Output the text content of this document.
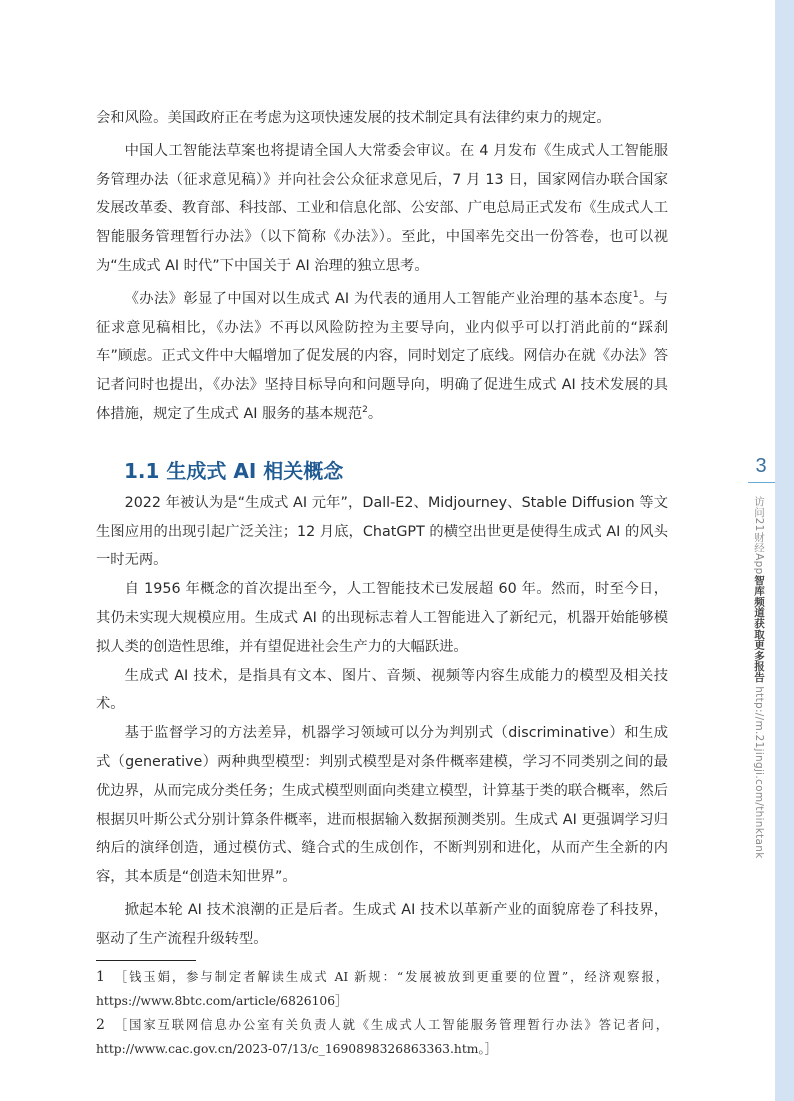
3
访问21财经App智库频道获取更多报告 http://m.21jingji.com/thinktank

会和风险。美国政府正在考虑为这项快速发展的技术制定具有法律约束力的规定。

中国人工智能法草案也将提请全国人大常委会审议。在 4 月发布《生成式人工智能服务管理办法（征求意见稿）》并向社会公众征求意见后，7 月 13 日，国家网信办联合国家发展改革委、教育部、科技部、工业和信息化部、公安部、广电总局正式发布《生成式人工智能服务管理暂行办法》（以下简称《办法》）。至此，中国率先交出一份答卷，也可以视为“生成式 AI 时代”下中国关于 AI 治理的独立思考。

《办法》彰显了中国对以生成式 AI 为代表的通用人工智能产业治理的基本态度$^1$。与征求意见稿相比，《办法》不再以风险防控为主要导向，业内似乎可以打消此前的“踩刹车”顾虑。正式文件中大幅增加了促发展的内容，同时划定了底线。网信办在就《办法》答记者问时也提出，《办法》坚持目标导向和问题导向，明确了促进生成式 AI 技术发展的具体措施，规定了生成式 AI 服务的基本规范$^2$。

1.1 生成式 AI 相关概念

2022 年被认为是“生成式 AI 元年”，Dall-E2、Midjourney、Stable Diffusion 等文生图应用的出现引起广泛关注；12 月底，ChatGPT 的横空出世更是使得生成式 AI 的风头一时无两。

自 1956 年概念的首次提出至今，人工智能技术已发展超 60 年。然而，时至今日，其仍未实现大规模应用。生成式 AI 的出现标志着人工智能进入了新纪元，机器开始能够模拟人类的创造性思维，并有望促进社会生产力的大幅跃进。

生成式 AI 技术，是指具有文本、图片、音频、视频等内容生成能力的模型及相关技术。

基于监督学习的方法差异，机器学习领域可以分为判别式（discriminative）和生成式（generative）两种典型模型：判别式模型是对条件概率建模，学习不同类别之间的最优边界，从而完成分类任务；生成式模型则面向类建立模型，计算基于类的联合概率，然后根据贝叶斯公式分别计算条件概率，进而根据输入数据预测类别。生成式 AI 更强调学习归纳后的演绎创造，通过模仿式、缝合式的生成创作，不断判别和进化，从而产生全新的内容，其本质是“创造未知世界”。

掀起本轮 AI 技术浪潮的正是后者。生成式 AI 技术以革新产业的面貌席卷了科技界，驱动了生产流程升级转型。

1 ［钱玉娟，参与制定者解读生成式 AI 新规：“发展被放到更重要的位置”，经济观察报，https://www.8btc.com/article/6826106］

2 ［国家互联网信息办公室有关负责人就《生成式人工智能服务管理暂行办法》答记者问，http://www.cac.gov.cn/2023-07/13/c_1690898326863363.htm。］
